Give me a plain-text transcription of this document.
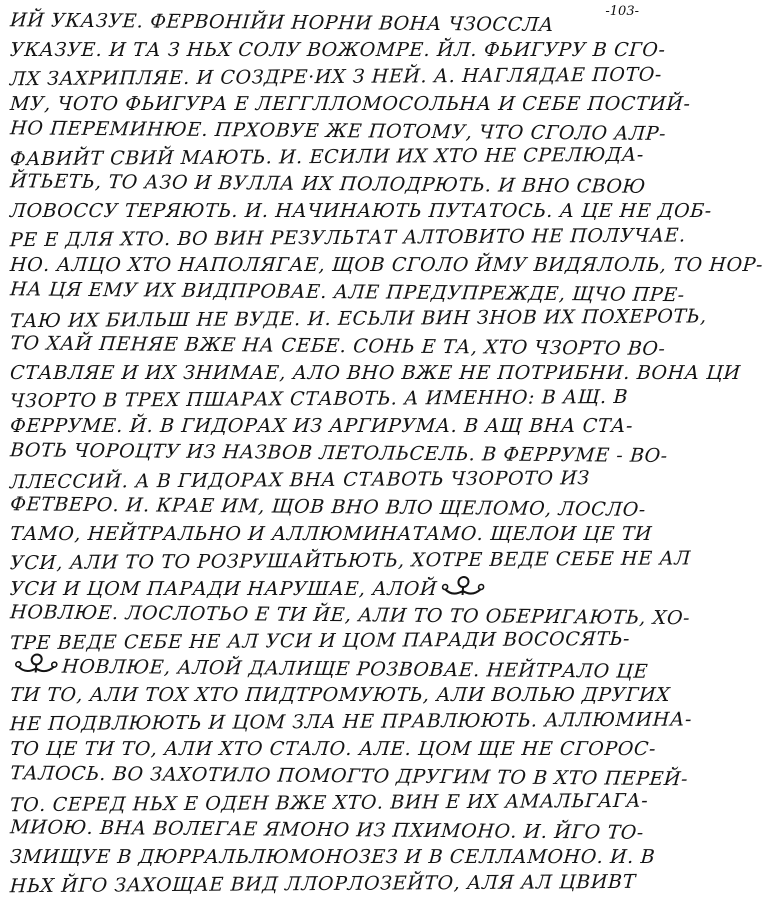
-103-
ИЙ УКАЗУЕ. ФЕРВОНІЙИ НОРНИ ВОНА ЧЗОССЛА
УКАЗУЕ. И ТА З НЬХ СОЛУ ВОЖОМРЕ. ЙЛ. ФЬИГУРУ В СГО-
ЛХ ЗАХРИПЛЯЕ. И СОЗДРЕ·ИХ З НЕЙ. А. НАГЛЯДАЕ ПОТО-
МУ, ЧОТО ФЬИГУРА Е ЛЕГГЛЛОМОСОЛЬНА И СЕБЕ ПОСТИЙ-
НО ПЕРЕМИНЮЕ. ПРХОВУЕ ЖЕ ПОТОМУ, ЧТО СГОЛО АЛР-
ФАВИЙТ СВИЙ МАЮТЬ. И. ЕСИЛИ ИХ ХТО НЕ СРЕЛЮДА-
ЙТЬЕТЬ, ТО АЗО И ВУЛЛА ИХ ПОЛОДРЮТЬ. И ВНО СВОЮ
ЛОВОССУ ТЕРЯЮТЬ. И. НАЧИНАЮТЬ ПУТАТОСЬ. А ЦЕ НЕ ДОБ-
РЕ Е ДЛЯ ХТО. ВО ВИН РЕЗУЛЬТАТ АЛТОВИТО НЕ ПОЛУЧАЕ.
НО. АЛЦО ХТО НАПОЛЯГАЕ, ЩОВ СГОЛО ЙМУ ВИДЯЛОЛЬ, ТО НОР-
НА ЦЯ ЕМУ ИХ ВИДПРОВАЕ. АЛЕ ПРЕДУПРЕЖДЕ, ЩЧО ПРЕ-
ТАЮ ИХ БИЛЬШ НЕ ВУДЕ. И. ЕСЬЛИ ВИН ЗНОВ ИХ ПОХЕРОТЬ,
ТО ХАЙ ПЕНЯЕ ВЖЕ НА СЕБЕ. СОНЬ Е ТА, ХТО ЧЗОРТО ВО-
СТАВЛЯЕ И ИХ ЗНИМАЕ, АЛО ВНО ВЖЕ НЕ ПОТРИБНИ. ВОНА ЦИ
ЧЗОРТО В ТРЕХ ПШАРАХ СТАВОТЬ. А ИМЕННО: В АЩ. В
ФЕРРУМЕ. Й. В ГИДОРАХ ИЗ АРГИРУМА. В АЩ ВНА СТА-
ВОТЬ ЧОРОЦТУ ИЗ НАЗВОВ ЛЕТОЛЬСЕЛЬ. В ФЕРРУМЕ - ВО-
ЛЛЕССИЙ. А В ГИДОРАХ ВНА СТАВОТЬ ЧЗОРОТО ИЗ
ФЕТВЕРО. И. КРАЕ ИМ, ЩОВ ВНО ВЛО ЩЕЛОМО, ЛОСЛО-
ТАМО, НЕЙТРАЛЬНО И АЛЛЮМИНАТАМО. ЩЕЛОИ ЦЕ ТИ
УСИ, АЛИ ТО ТО РОЗРУШАЙТЬЮТЬ, ХОТРЕ ВЕДЕ СЕБЕ НЕ АЛ
УСИ И ЦОМ ПАРАДИ НАРУШАЕ, АЛОЙ
НОВЛЮЕ. ЛОСЛОТЬО Е ТИ ЙЕ, АЛИ ТО ТО ОБЕРИГАЮТЬ, ХО-
ТРЕ ВЕДЕ СЕБЕ НЕ АЛ УСИ И ЦОМ ПАРАДИ ВОСОСЯТЬ-
НОВЛЮЕ, АЛОЙ ДАЛИЩЕ РОЗВОВАЕ. НЕЙТРАЛО ЦЕ
ТИ ТО, АЛИ ТОХ ХТО ПИДТРОМУЮТЬ, АЛИ ВОЛЬЮ ДРУГИХ
НЕ ПОДВЛЮЮТЬ И ЦОМ ЗЛА НЕ ПРАВЛЮЮТЬ. АЛЛЮМИНА-
ТО ЦЕ ТИ ТО, АЛИ ХТО СТАЛО. АЛЕ. ЦОМ ЩЕ НЕ СГОРОС-
ТАЛОСЬ. ВО ЗАХОТИЛО ПОМОГТО ДРУГИМ ТО В ХТО ПЕРЕЙ-
ТО. СЕРЕД НЬХ Е ОДЕН ВЖЕ ХТО. ВИН Е ИХ АМАЛЬГАГА-
МИОЮ. ВНА ВОЛЕГАЕ ЯМОНО ИЗ ПХИМОНО. И. ЙГО ТО-
ЗМИЩУЕ В ДЮРРАЛЬЛЮМОНОЗЕЗ И В СЕЛЛАМОНО. И. В
НЬХ ЙГО ЗАХОЩАЕ ВИД ЛЛОРЛОЗЕЙТО, АЛЯ АЛ ЦВИВТ
